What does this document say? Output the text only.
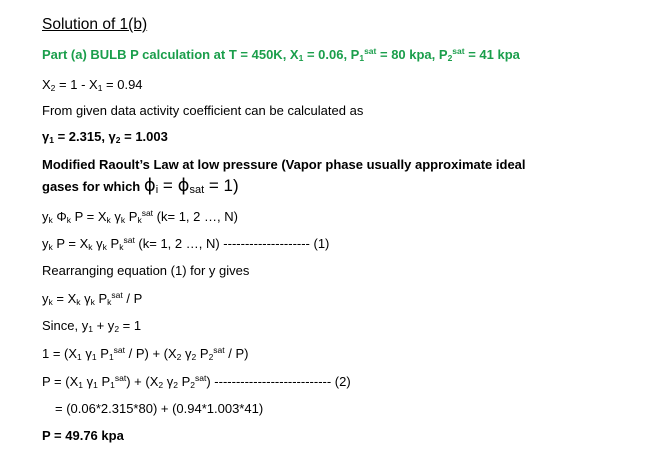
Solution of 1(b)
Part (a) BULB P calculation at T = 450K, $X_1 = 0.06$, $P_1^{sat} = 80$ kpa, $P_2^{sat} = 41$ kpa
$X_2 = 1 - X_1 = 0.94$
From given data activity coefficient can be calculated as
$\gamma_1 = 2.315$, $\gamma_2 = 1.003$
Modified Raoult’s Law at low pressure (Vapor phase usually approximate ideal
gases for which $\phi_i = \phi_{sat} = 1$)
$y_k$ $\Phi_k$ $P = X_k$ $\gamma_k$ $P_k^{sat}$ (k= 1, 2 …, N)
$y_k$ $P = X_k$ $\gamma_k$ $P_k^{sat}$ (k= 1, 2 …, N) -------------------- (1)
Rearranging equation (1) for y gives
$y_k = X_k$ $\gamma_k$ $P_k^{sat}$ / P
Since, $y_1 + y_2 = 1$
$1 = (X_1$ $\gamma_1$ $P_1^{sat} / P) + (X_2$ $\gamma_2$ $P_2^{sat} / P$)
$P = (X_1$ $\gamma_1$ $P_1^{sat}) + (X_2$ $\gamma_2$ $P_2^{sat}$) --------------------------- (2)
= (0.06*2.315*80) + (0.94*1.003*41)
P = 49.76 kpa
